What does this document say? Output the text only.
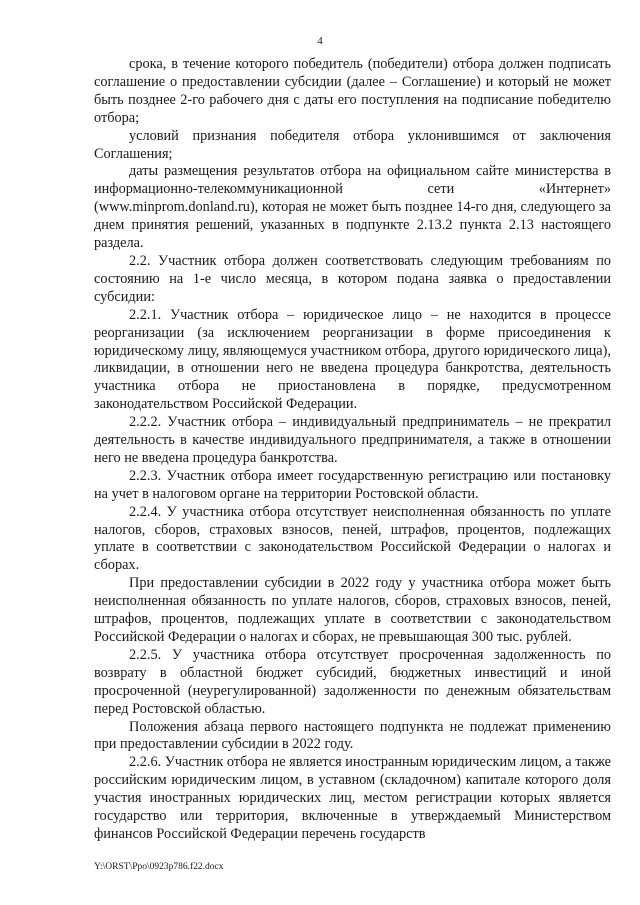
4

срока, в течение которого победитель (победители) отбора должен подписать соглашение о предоставлении субсидии (далее – Соглашение) и который не может быть позднее 2-го рабочего дня с даты его поступления на подписание победителю отбора;

условий признания победителя отбора уклонившимся от заключения Соглашения;

даты размещения результатов отбора на официальном сайте министерства в информационно-телекоммуникационной сети «Интернет» (www.minprom.donland.ru), которая не может быть позднее 14-го дня, следующего за днем принятия решений, указанных в подпункте 2.13.2 пункта 2.13 настоящего раздела.

2.2. Участник отбора должен соответствовать следующим требованиям по состоянию на 1-е число месяца, в котором подана заявка о предоставлении субсидии:

2.2.1. Участник отбора – юридическое лицо – не находится в процессе реорганизации (за исключением реорганизации в форме присоединения к юридическому лицу, являющемуся участником отбора, другого юридического лица), ликвидации, в отношении него не введена процедура банкротства, деятельность участника отбора не приостановлена в порядке, предусмотренном законодательством Российской Федерации.

2.2.2. Участник отбора – индивидуальный предприниматель – не прекратил деятельность в качестве индивидуального предпринимателя, а также в отношении него не введена процедура банкротства.

2.2.3. Участник отбора имеет государственную регистрацию или постановку на учет в налоговом органе на территории Ростовской области.

2.2.4. У участника отбора отсутствует неисполненная обязанность по уплате налогов, сборов, страховых взносов, пеней, штрафов, процентов, подлежащих уплате в соответствии с законодательством Российской Федерации о налогах и сборах.

При предоставлении субсидии в 2022 году у участника отбора может быть неисполненная обязанность по уплате налогов, сборов, страховых взносов, пеней, штрафов, процентов, подлежащих уплате в соответствии с законодательством Российской Федерации о налогах и сборах, не превышающая 300 тыс. рублей.

2.2.5. У участника отбора отсутствует просроченная задолженность по возврату в областной бюджет субсидий, бюджетных инвестиций и иной просроченной (неурегулированной) задолженности по денежным обязательствам перед Ростовской областью.

Положения абзаца первого настоящего подпункта не подлежат применению при предоставлении субсидии в 2022 году.

2.2.6. Участник отбора не является иностранным юридическим лицом, а также российским юридическим лицом, в уставном (складочном) капитале которого доля участия иностранных юридических лиц, местом регистрации которых является государство или территория, включенные в утверждаемый Министерством финансов Российской Федерации перечень государств

Y:\ORST\Ppo\0923p786.f22.docx
